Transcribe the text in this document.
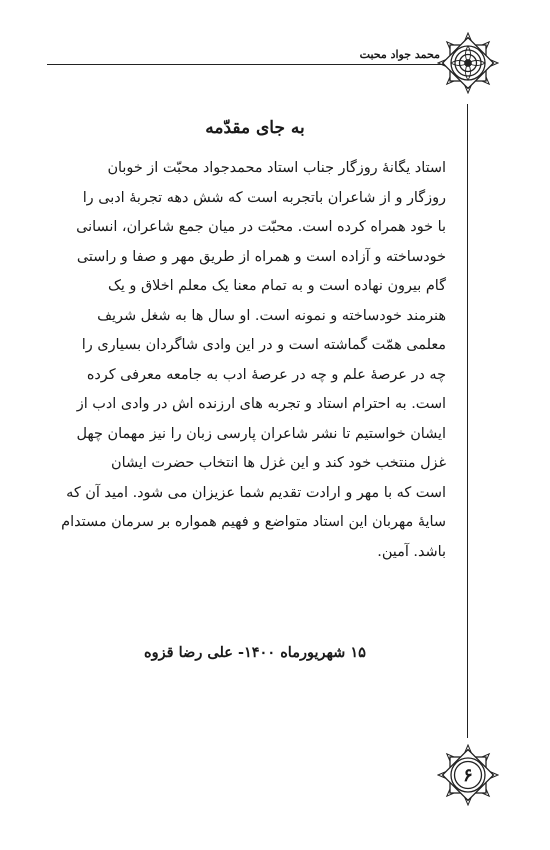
محمد جواد محبت
۶
به جای مقدّمه
استاد یگانهٔ روزگار جناب استاد محمدجواد محبّت از خوبان
روزگار و از شاعران باتجربه است که شش دهه تجربهٔ ادبی را
با خود همراه کرده است. محبّت در میان جمع شاعران، انسانی
خودساخته و آزاده است و همراه از طریق مهر و صفا و راستی
گام بیرون نهاده است و به تمام معنا یک معلم اخلاق و یک
هنرمند خودساخته و نمونه است. او سال ها به شغل شریف
معلمی همّت گماشته است و در این وادی شاگردان بسیاری را
چه در عرصهٔ علم و چه در عرصهٔ ادب به جامعه معرفی کرده
است. به احترام استاد و تجربه های ارزنده اش در وادی ادب از
ایشان خواستیم تا نشر شاعران پارسی زبان را نیز مهمان چهل
غزل منتخب خود کند و این غزل ها انتخاب حضرت ایشان
است که با مهر و ارادت تقدیم شما عزیزان می شود. امید آن که
سایهٔ مهربان این استاد متواضع و فهیم همواره بر سرمان مستدام
باشد. آمین.
۱۵ شهریورماه ۱۴۰۰- علی رضا قزوه
